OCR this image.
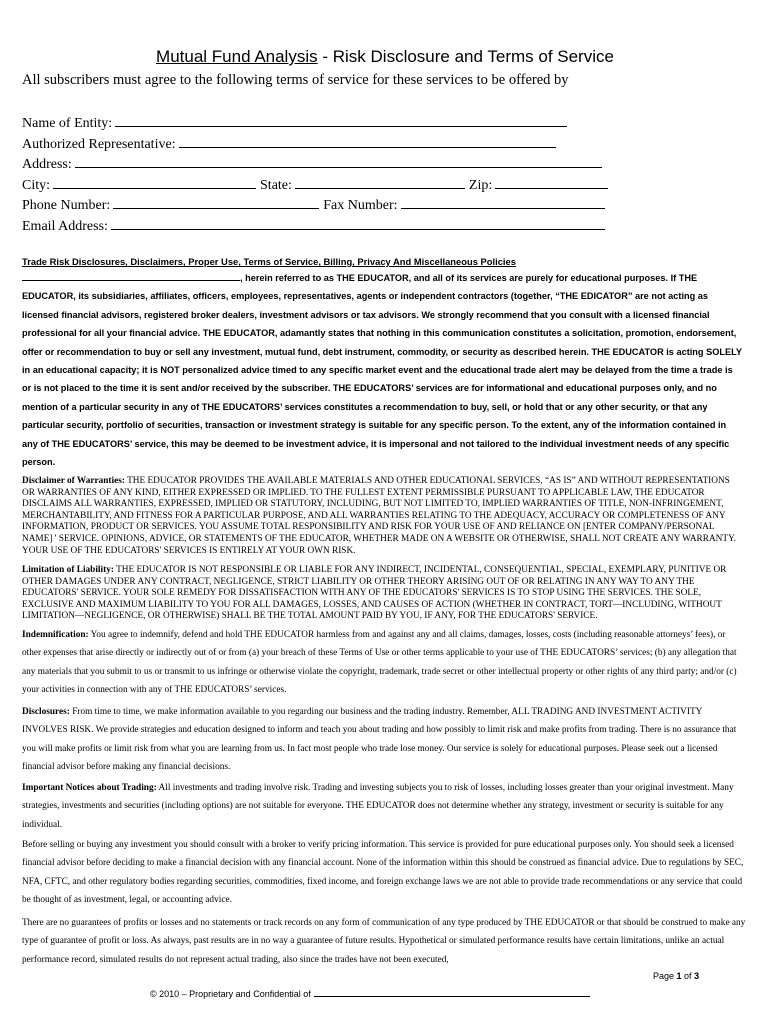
Mutual Fund Analysis - Risk Disclosure and Terms of Service
All subscribers must agree to the following terms of service for these services to be offered by
Name of Entity:
Authorized Representative:
Address:
City:	State:	Zip:
Phone Number:	Fax Number:
Email Address:
Trade Risk Disclosures, Disclaimers, Proper Use, Terms of Service, Billing, Privacy And Miscellaneous Policies
, herein referred to as THE EDUCATOR, and all of its services are purely for educational purposes. If THE EDUCATOR, its subsidiaries, affiliates, officers, employees, representatives, agents or independent contractors (together, “THE EDICATOR” are not acting as licensed financial advisors, registered broker dealers, investment advisors or tax advisors. We strongly recommend that you consult with a licensed financial professional for all your financial advice. THE EDUCATOR, adamantly states that nothing in this communication constitutes a solicitation, promotion, endorsement, offer or recommendation to buy or sell any investment, mutual fund, debt instrument, commodity, or security as described herein. THE EDUCATOR is acting SOLELY in an educational capacity; it is NOT personalized advice timed to any specific market event and the educational trade alert may be delayed from the time a trade is or is not placed to the time it is sent and/or received by the subscriber. THE EDUCATORS’ services are for informational and educational purposes only, and no mention of a particular security in any of THE EDUCATORS’ services constitutes a recommendation to buy, sell, or hold that or any other security, or that any particular security, portfolio of securities, transaction or investment strategy is suitable for any specific person. To the extent, any of the information contained in any of THE EDUCATORS’ service, this may be deemed to be investment advice, it is impersonal and not tailored to the individual investment needs of any specific person.
Disclaimer of Warranties: THE EDUCATOR PROVIDES THE AVAILABLE MATERIALS AND OTHER EDUCATIONAL SERVICES, “AS IS” AND WITHOUT REPRESENTATIONS OR WARRANTIES OF ANY KIND, EITHER EXPRESSED OR IMPLIED. TO THE FULLEST EXTENT PERMISSIBLE PURSUANT TO APPLICABLE LAW, THE EDUCATOR DISCLAIMS ALL WARRANTIES, EXPRESSED, IMPLIED OR STATUTORY, INCLUDING, BUT NOT LIMITED TO, IMPLIED WARRANTIES OF TITLE, NON-INFRINGEMENT, MERCHANTABILITY, AND FITNESS FOR A PARTICULAR PURPOSE, AND ALL WARRANTIES RELATING TO THE ADEQUACY, ACCURACY OR COMPLETENESS OF ANY INFORMATION, PRODUCT OR SERVICES. YOU ASSUME TOTAL RESPONSIBILITY AND RISK FOR YOUR USE OF AND RELIANCE ON [ENTER COMPANY/PERSONAL NAME] ' SERVICE. OPINIONS, ADVICE, OR STATEMENTS OF THE EDUCATOR, WHETHER MADE ON A WEBSITE OR OTHERWISE, SHALL NOT CREATE ANY WARRANTY. YOUR USE OF THE EDUCATORS' SERVICES IS ENTIRELY AT YOUR OWN RISK.
Limitation of Liability: THE EDUCATOR IS NOT RESPONSIBLE OR LIABLE FOR ANY INDIRECT, INCIDENTAL, CONSEQUENTIAL, SPECIAL, EXEMPLARY, PUNITIVE OR OTHER DAMAGES UNDER ANY CONTRACT, NEGLIGENCE, STRICT LIABILITY OR OTHER THEORY ARISING OUT OF OR RELATING IN ANY WAY TO ANY THE EDUCATORS' SERVICE. YOUR SOLE REMEDY FOR DISSATISFACTION WITH ANY OF THE EDUCATORS' SERVICES IS TO STOP USING THE SERVICES. THE SOLE, EXCLUSIVE AND MAXIMUM LIABILITY TO YOU FOR ALL DAMAGES, LOSSES, AND CAUSES OF ACTION (WHETHER IN CONTRACT, TORT—INCLUDING, WITHOUT LIMITATION—NEGLIGENCE, OR OTHERWISE) SHALL BE THE TOTAL AMOUNT PAID BY YOU, IF ANY, FOR THE EDUCATORS' SERVICE.
Indemnification: You agree to indemnify, defend and hold THE EDUCATOR harmless from and against any and all claims, damages, losses, costs (including reasonable attorneys’ fees), or other expenses that arise directly or indirectly out of or from (a) your breach of these Terms of Use or other terms applicable to your use of THE EDUCATORS’ services; (b) any allegation that any materials that you submit to us or transmit to us infringe or otherwise violate the copyright, trademark, trade secret or other intellectual property or other rights of any third party; and/or (c) your activities in connection with any of THE EDUCATORS’ services.
Disclosures: From time to time, we make information available to you regarding our business and the trading industry. Remember, ALL TRADING AND INVESTMENT ACTIVITY INVOLVES RISK. We provide strategies and education designed to inform and teach you about trading and how possibly to limit risk and make profits from trading. There is no assurance that you will make profits or limit risk from what you are learning from us. In fact most people who trade lose money. Our service is solely for educational purposes. Please seek out a licensed financial advisor before making any financial decisions.
Important Notices about Trading: All investments and trading involve risk. Trading and investing subjects you to risk of losses, including losses greater than your original investment. Many strategies, investments and securities (including options) are not suitable for everyone. THE EDUCATOR does not determine whether any strategy, investment or security is suitable for any individual.
Before selling or buying any investment you should consult with a broker to verify pricing information. This service is provided for pure educational purposes only. You should seek a licensed financial advisor before deciding to make a financial decision with any financial account. None of the information within this should be construed as financial advice. Due to regulations by SEC, NFA, CFTC, and other regulatory bodies regarding securities, commodities, fixed income, and foreign exchange laws we are not able to provide trade recommendations or any service that could be thought of as investment, legal, or accounting advice.
There are no guarantees of profits or losses and no statements or track records on any form of communication of any type produced by THE EDUCATOR or that should be construed to make any type of guarantee of profit or loss. As always, past results are in no way a guarantee of future results. Hypothetical or simulated performance results have certain limitations, unlike an actual performance record, simulated results do not represent actual trading, also since the trades have not been executed,
Page 1 of 3
© 2010 – Proprietary and Confidential of
